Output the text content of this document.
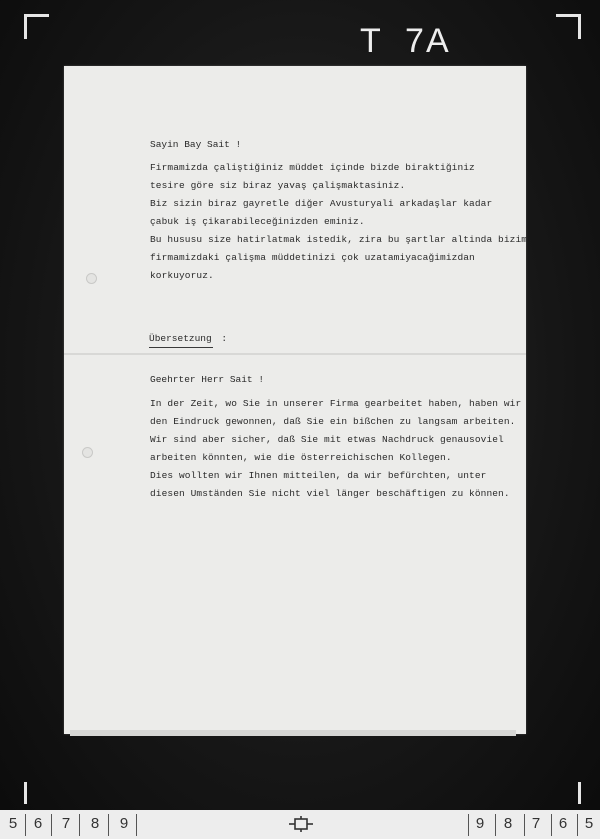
T  7A
Sayin Bay Sait !
Firmamizda çaliştiğiniz müddet içinde bizde biraktiğiniz
tesire göre siz biraz yavaş çalişmaktasiniz.
Biz sizin biraz gayretle diğer Avusturyali arkadaşlar kadar
çabuk iş çikarabileceğinizden eminiz.
Bu hususu size hatirlatmak istedik, zira bu şartlar altinda bizim
firmamizdaki çalişma müddetinizi çok uzatamiyacağimizdan
korkuyoruz.
Übersetzung :
Geehrter Herr Sait !
In der Zeit, wo Sie in unserer Firma gearbeitet haben, haben wir
den Eindruck gewonnen, daß Sie ein bißchen zu langsam arbeiten.
Wir sind aber sicher, daß Sie mit etwas Nachdruck genausoviel
arbeiten könnten, wie die österreichischen Kollegen.
Dies wollten wir Ihnen mitteilen, da wir befürchten, unter
diesen Umständen Sie nicht viel länger beschäftigen zu können.
5 6 7 8 9	9 8 7 6 5
